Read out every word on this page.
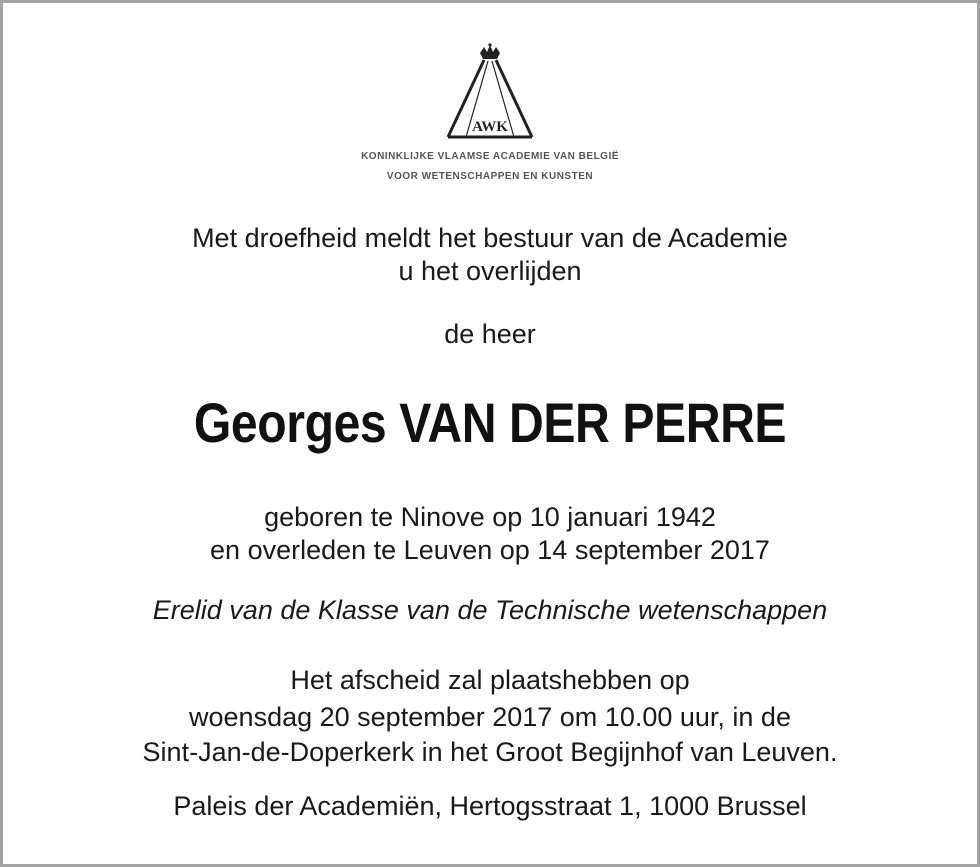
AWK
KONINKLIJKE VLAAMSE ACADEMIE VAN BELGIË
VOOR WETENSCHAPPEN EN KUNSTEN
Met droefheid meldt het bestuur van de Academie
u het overlijden
de heer
Georges VAN DER PERRE
geboren te Ninove op 10 januari 1942
en overleden te Leuven op 14 september 2017
Erelid van de Klasse van de Technische wetenschappen
Het afscheid zal plaatshebben op
woensdag 20 september 2017 om 10.00 uur, in de
Sint-Jan-de-Doperkerk in het Groot Begijnhof van Leuven.
Paleis der Academiën, Hertogsstraat 1, 1000 Brussel
